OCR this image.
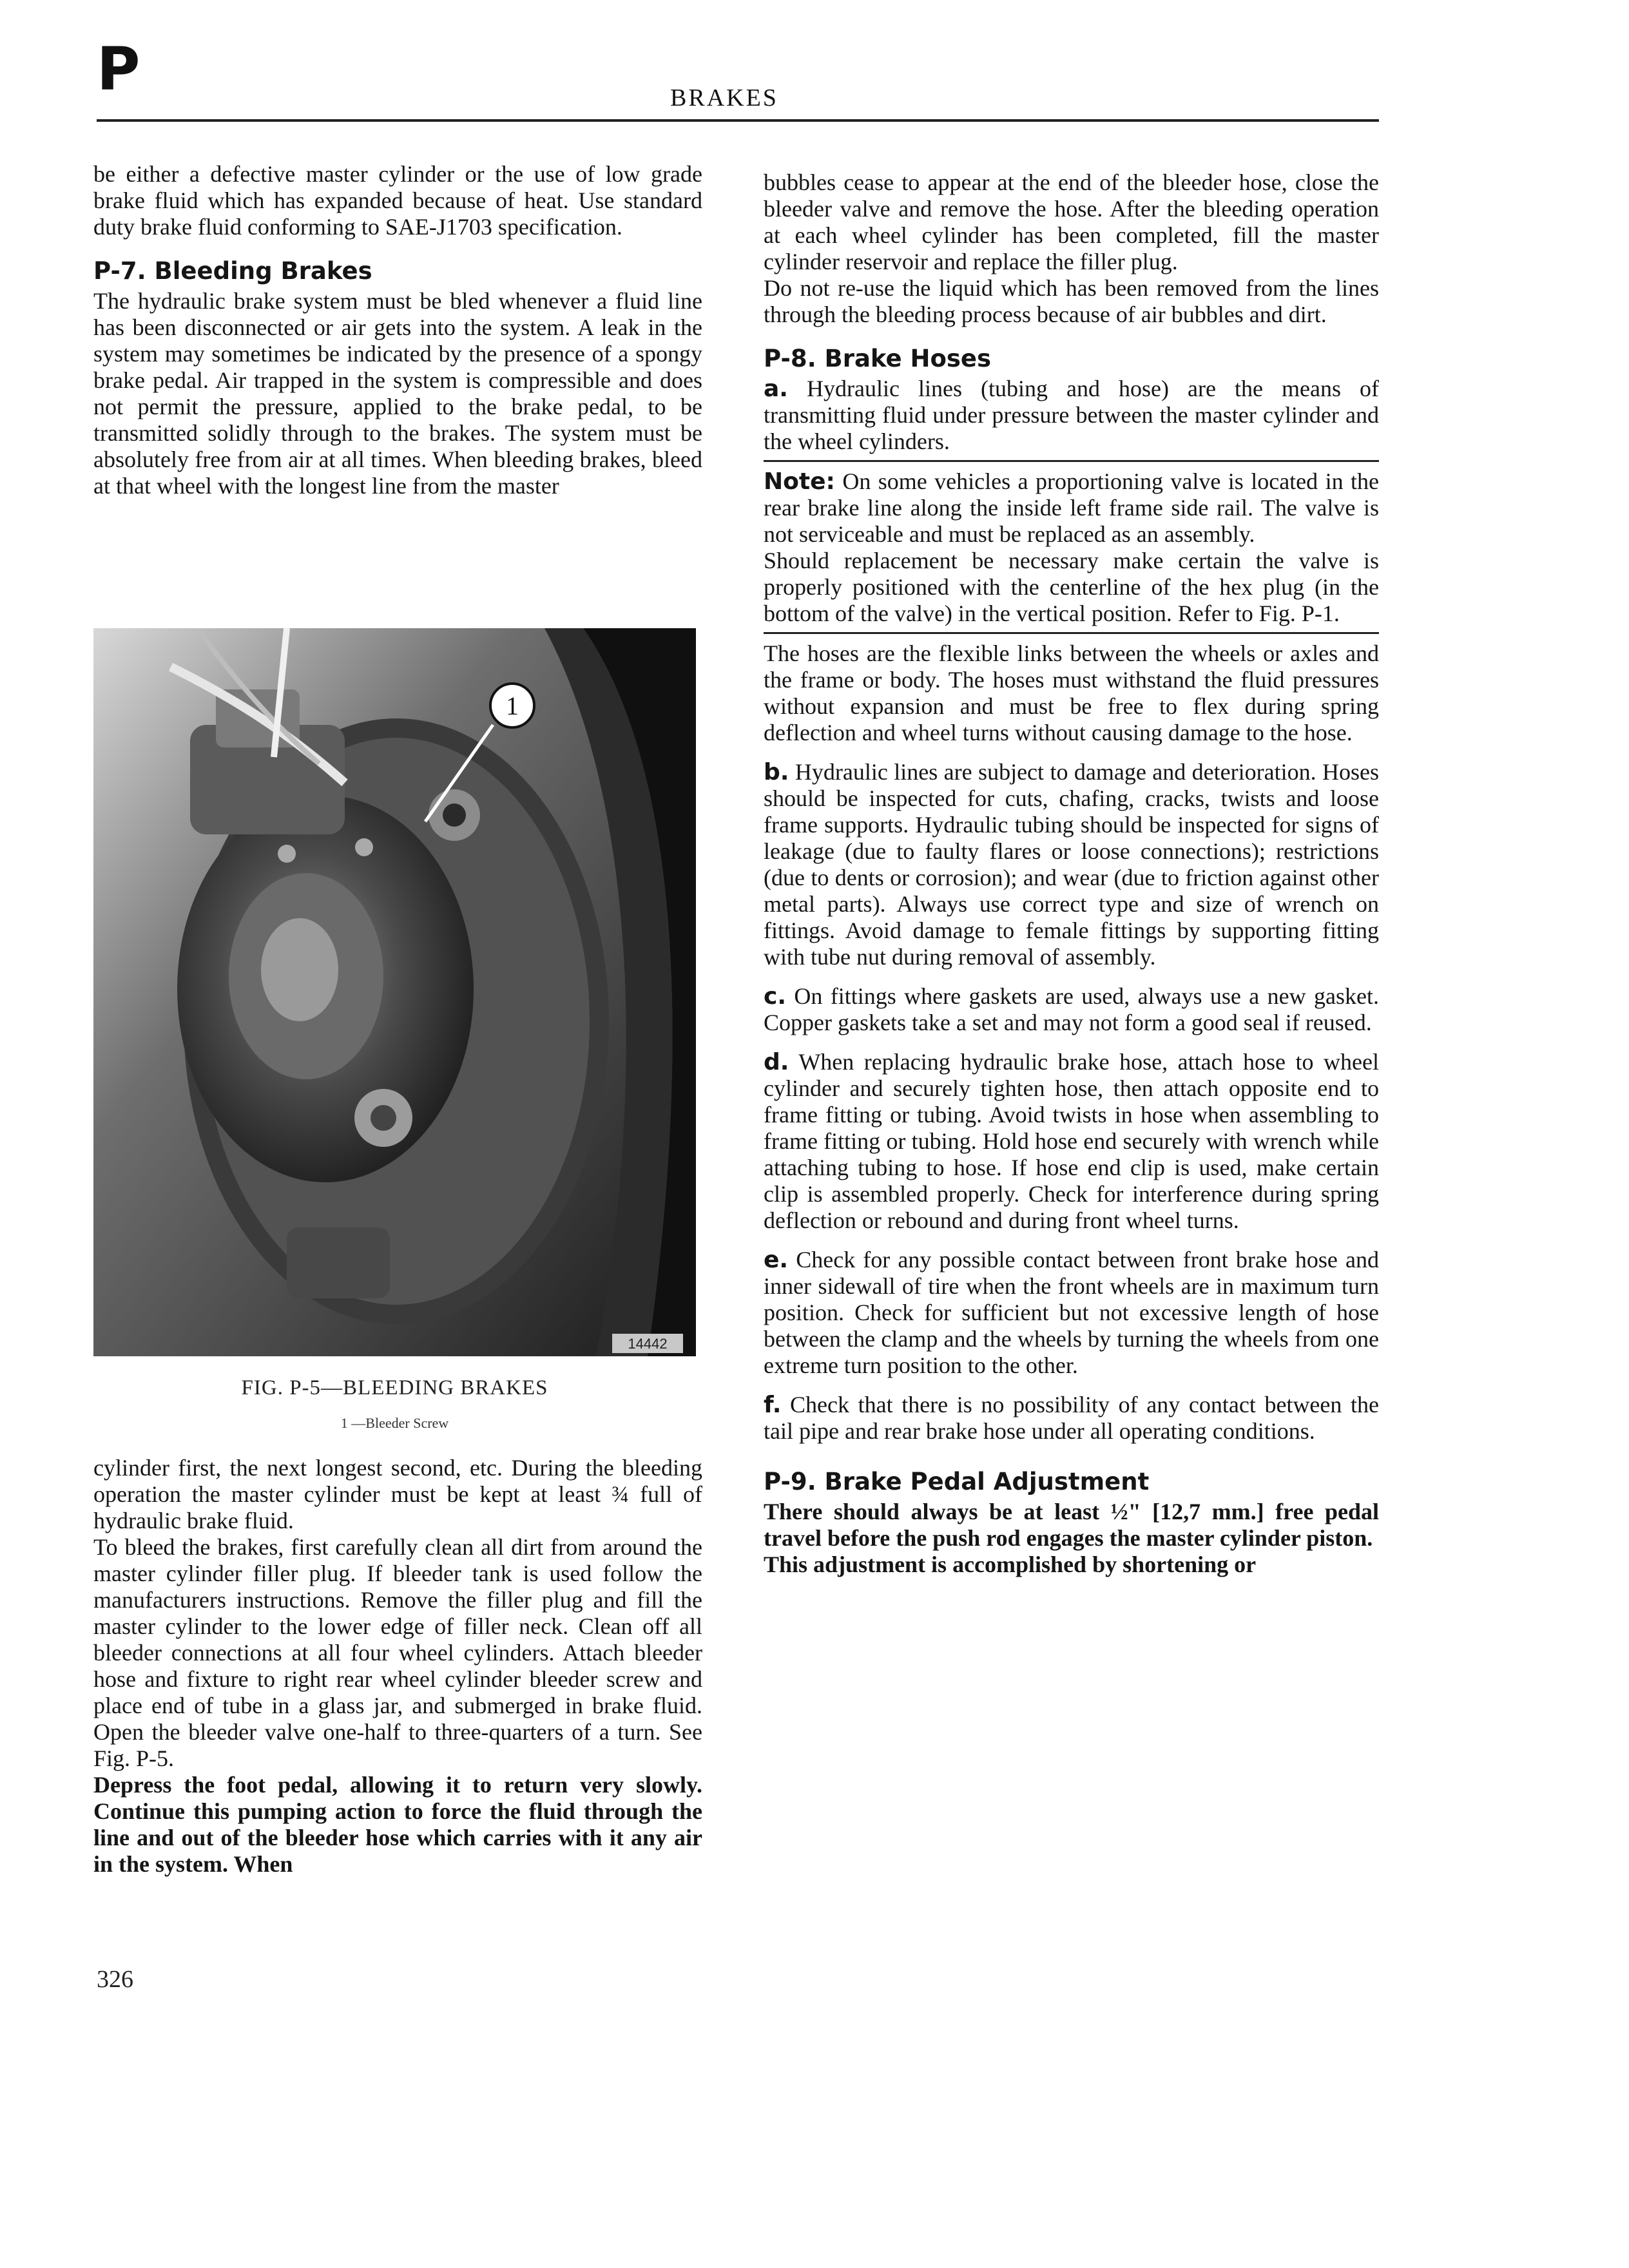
P	BRAKES

be either a defective master cylinder or the use of low grade brake fluid which has expanded because of heat. Use standard duty brake fluid conforming to SAE-J1703 specification.

P-7. Bleeding Brakes

The hydraulic brake system must be bled whenever a fluid line has been disconnected or air gets into the system. A leak in the system may sometimes be indicated by the presence of a spongy brake pedal. Air trapped in the system is compressible and does not permit the pressure, applied to the brake pedal, to be transmitted solidly through to the brakes. The system must be absolutely free from air at all times. When bleeding brakes, bleed at that wheel with the longest line from the master

1
14442
FIG. P-5—BLEEDING BRAKES
1 —Bleeder Screw

cylinder first, the next longest second, etc. During the bleeding operation the master cylinder must be kept at least ¾ full of hydraulic brake fluid.

To bleed the brakes, first carefully clean all dirt from around the master cylinder filler plug. If bleeder tank is used follow the manufacturers instructions. Remove the filler plug and fill the master cylinder to the lower edge of filler neck. Clean off all bleeder connections at all four wheel cylinders. Attach bleeder hose and fixture to right rear wheel cylinder bleeder screw and place end of tube in a glass jar, and submerged in brake fluid. Open the bleeder valve one-half to three-quarters of a turn. See Fig. P-5.

Depress the foot pedal, allowing it to return very slowly. Continue this pumping action to force the fluid through the line and out of the bleeder hose which carries with it any air in the system. When

326

bubbles cease to appear at the end of the bleeder hose, close the bleeder valve and remove the hose. After the bleeding operation at each wheel cylinder has been completed, fill the master cylinder reservoir and replace the filler plug.

Do not re-use the liquid which has been removed from the lines through the bleeding process because of air bubbles and dirt.

P-8. Brake Hoses

a. Hydraulic lines (tubing and hose) are the means of transmitting fluid under pressure between the master cylinder and the wheel cylinders.

Note: On some vehicles a proportioning valve is located in the rear brake line along the inside left frame side rail. The valve is not serviceable and must be replaced as an assembly.

Should replacement be necessary make certain the valve is properly positioned with the centerline of the hex plug (in the bottom of the valve) in the vertical position. Refer to Fig. P-1.

The hoses are the flexible links between the wheels or axles and the frame or body. The hoses must withstand the fluid pressures without expansion and must be free to flex during spring deflection and wheel turns without causing damage to the hose.

b. Hydraulic lines are subject to damage and deterioration. Hoses should be inspected for cuts, chafing, cracks, twists and loose frame supports. Hydraulic tubing should be inspected for signs of leakage (due to faulty flares or loose connections); restrictions (due to dents or corrosion); and wear (due to friction against other metal parts). Always use correct type and size of wrench on fittings. Avoid damage to female fittings by supporting fitting with tube nut during removal of assembly.

c. On fittings where gaskets are used, always use a new gasket. Copper gaskets take a set and may not form a good seal if reused.

d. When replacing hydraulic brake hose, attach hose to wheel cylinder and securely tighten hose, then attach opposite end to frame fitting or tubing. Avoid twists in hose when assembling to frame fitting or tubing. Hold hose end securely with wrench while attaching tubing to hose. If hose end clip is used, make certain clip is assembled properly. Check for interference during spring deflection or rebound and during front wheel turns.

e. Check for any possible contact between front brake hose and inner sidewall of tire when the front wheels are in maximum turn position. Check for sufficient but not excessive length of hose between the clamp and the wheels by turning the wheels from one extreme turn position to the other.

f. Check that there is no possibility of any contact between the tail pipe and rear brake hose under all operating conditions.

P-9. Brake Pedal Adjustment

There should always be at least ½" [12,7 mm.] free pedal travel before the push rod engages the master cylinder piston.

This adjustment is accomplished by shortening or
